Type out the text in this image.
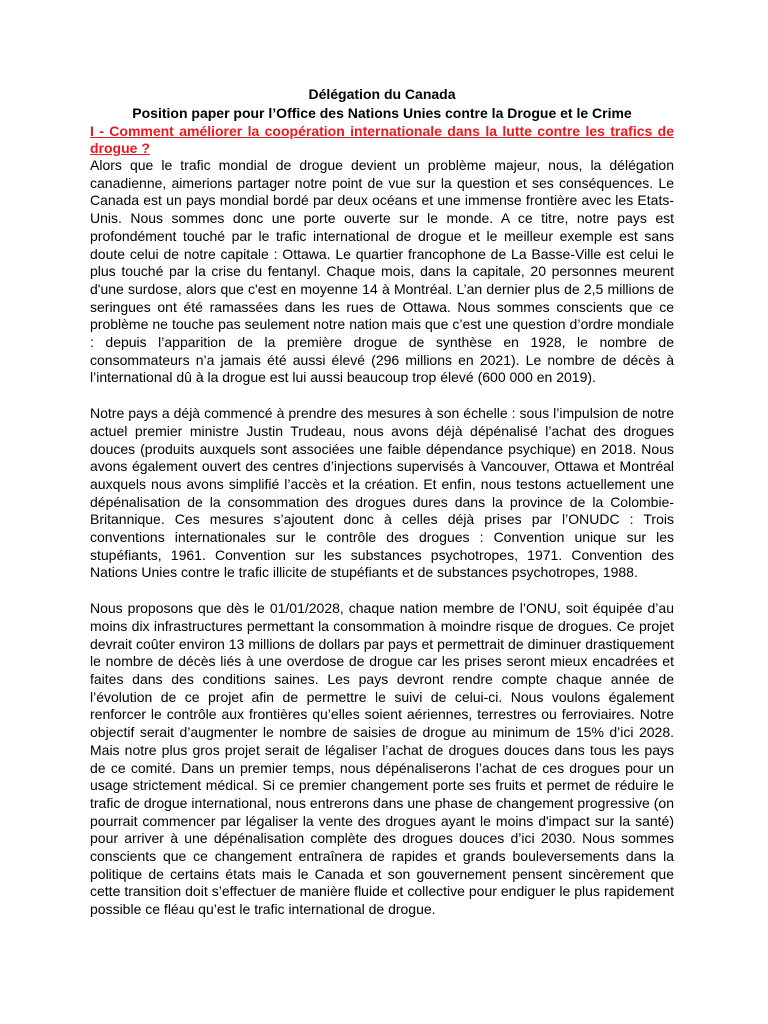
Délégation du Canada

Position paper pour l’Office des Nations Unies contre la Drogue et le Crime

I - Comment améliorer la coopération internationale dans la lutte contre les trafics de drogue ?

Alors que le trafic mondial de drogue devient un problème majeur, nous, la délégation canadienne, aimerions partager notre point de vue sur la question et ses conséquences. Le Canada est un pays mondial bordé par deux océans et une immense frontière avec les Etats-Unis. Nous sommes donc une porte ouverte sur le monde. A ce titre, notre pays est profondément touché par le trafic international de drogue et le meilleur exemple est sans doute celui de notre capitale : Ottawa. Le quartier francophone de La Basse-Ville est celui le plus touché par la crise du fentanyl. Chaque mois, dans la capitale, 20 personnes meurent d'une surdose, alors que c'est en moyenne 14 à Montréal. L’an dernier plus de 2,5 millions de seringues ont été ramassées dans les rues de Ottawa. Nous sommes conscients que ce problème ne touche pas seulement notre nation mais que c’est une question d’ordre mondiale : depuis l’apparition de la première drogue de synthèse en 1928, le nombre de consommateurs n’a jamais été aussi élevé (296 millions en 2021). Le nombre de décès à l’international dû à la drogue est lui aussi beaucoup trop élevé (600 000 en 2019).

Notre pays a déjà commencé à prendre des mesures à son échelle : sous l’impulsion de notre actuel premier ministre Justin Trudeau, nous avons déjà dépénalisé l’achat des drogues douces (produits auxquels sont associées une faible dépendance psychique) en 2018. Nous avons également ouvert des centres d’injections supervisés à Vancouver, Ottawa et Montréal auxquels nous avons simplifié l’accès et la création. Et enfin, nous testons actuellement une dépénalisation de la consommation des drogues dures dans la province de la Colombie-Britannique. Ces mesures s’ajoutent donc à celles déjà prises par l’ONUDC : Trois conventions internationales sur le contrôle des drogues : Convention unique sur les stupéfiants, 1961. Convention sur les substances psychotropes, 1971. Convention des Nations Unies contre le trafic illicite de stupéfiants et de substances psychotropes, 1988.

Nous proposons que dès le 01/01/2028, chaque nation membre de l’ONU, soit équipée d’au moins dix infrastructures permettant la consommation à moindre risque de drogues. Ce projet devrait coûter environ 13 millions de dollars par pays et permettrait de diminuer drastiquement le nombre de décès liés à une overdose de drogue car les prises seront mieux encadrées et faites dans des conditions saines. Les pays devront rendre compte chaque année de l’évolution de ce projet afin de permettre le suivi de celui-ci. Nous voulons également renforcer le contrôle aux frontières qu’elles soient aériennes, terrestres ou ferroviaires. Notre objectif serait d’augmenter le nombre de saisies de drogue au minimum de 15% d’ici 2028. Mais notre plus gros projet serait de légaliser l’achat de drogues douces dans tous les pays de ce comité. Dans un premier temps, nous dépénaliserons l’achat de ces drogues pour un usage strictement médical. Si ce premier changement porte ses fruits et permet de réduire le trafic de drogue international, nous entrerons dans une phase de changement progressive (on pourrait commencer par légaliser la vente des drogues ayant le moins d'impact sur la santé) pour arriver à une dépénalisation complète des drogues douces d’ici 2030. Nous sommes conscients que ce changement entraînera de rapides et grands bouleversements dans la politique de certains états mais le Canada et son gouvernement pensent sincèrement que cette transition doit s’effectuer de manière fluide et collective pour endiguer le plus rapidement possible ce fléau qu’est le trafic international de drogue.
